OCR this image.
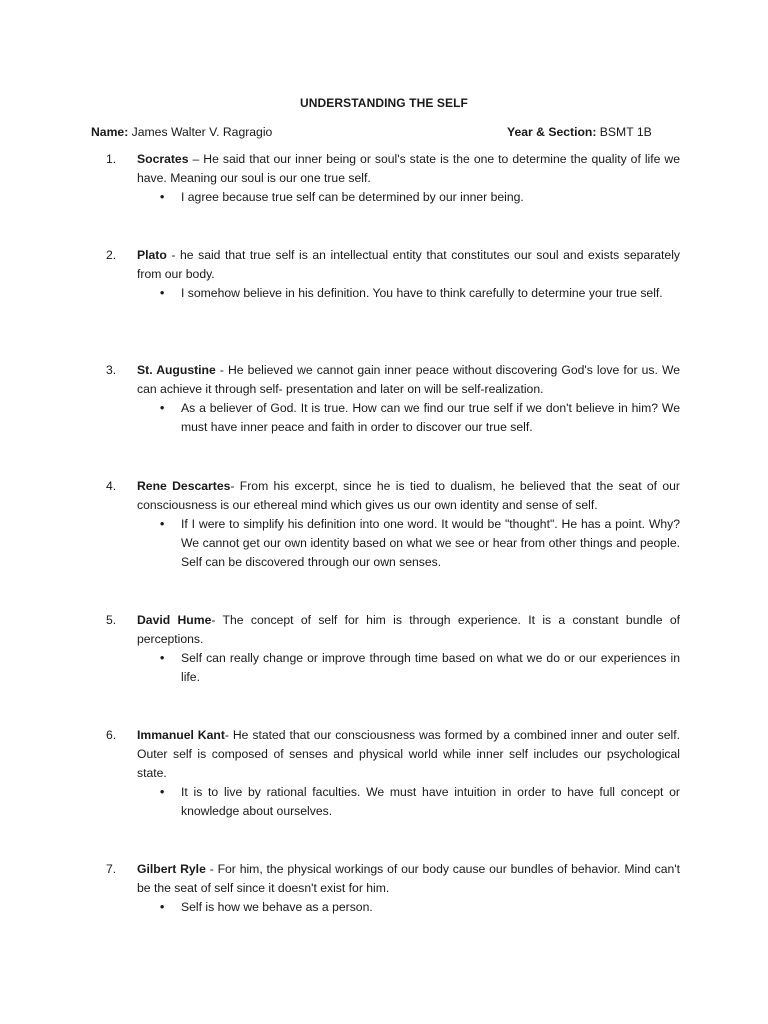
UNDERSTANDING THE SELF
Name: James Walter V. Ragragio	Year & Section: BSMT 1B
1.	Socrates – He said that our inner being or soul's state is the one to determine the quality of life we have. Meaning our soul is our one true self.
• I agree because true self can be determined by our inner being.
2.	Plato - he said that true self is an intellectual entity that constitutes our soul and exists separately from our body.
• I somehow believe in his definition. You have to think carefully to determine your true self.
3.	St. Augustine - He believed we cannot gain inner peace without discovering God's love for us. We can achieve it through self- presentation and later on will be self-realization.
• As a believer of God. It is true. How can we find our true self if we don't believe in him? We must have inner peace and faith in order to discover our true self.
4.	Rene Descartes- From his excerpt, since he is tied to dualism, he believed that the seat of our consciousness is our ethereal mind which gives us our own identity and sense of self.
• If I were to simplify his definition into one word. It would be "thought". He has a point. Why? We cannot get our own identity based on what we see or hear from other things and people. Self can be discovered through our own senses.
5.	David Hume- The concept of self for him is through experience. It is a constant bundle of perceptions.
• Self can really change or improve through time based on what we do or our experiences in life.
6.	Immanuel Kant- He stated that our consciousness was formed by a combined inner and outer self. Outer self is composed of senses and physical world while inner self includes our psychological state.
• It is to live by rational faculties. We must have intuition in order to have full concept or knowledge about ourselves.
7.	Gilbert Ryle - For him, the physical workings of our body cause our bundles of behavior. Mind can't be the seat of self since it doesn't exist for him.
• Self is how we behave as a person.
